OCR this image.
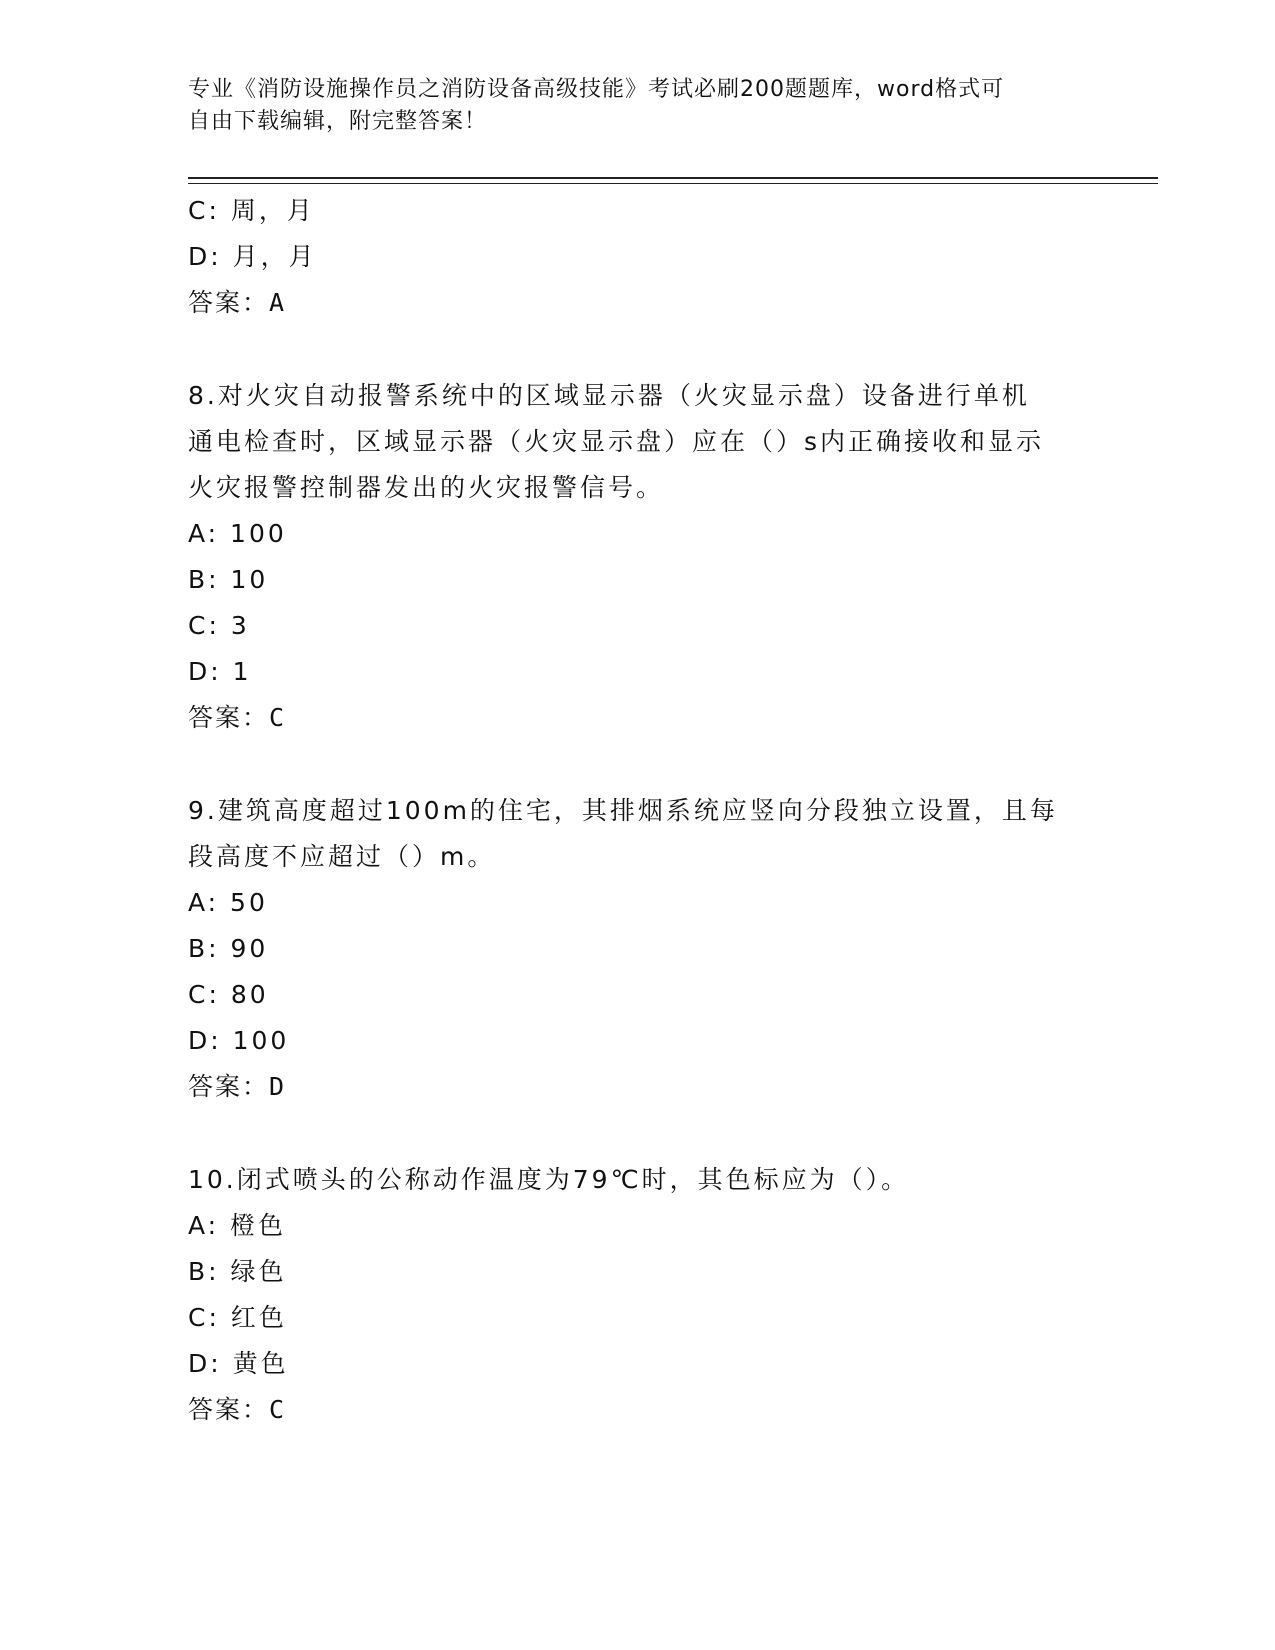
专业《消防设施操作员之消防设备高级技能》考试必刷200题题库，word格式可
自由下载编辑，附完整答案！
C: 周，月
D: 月，月
答案：A
8.对火灾自动报警系统中的区域显示器（火灾显示盘）设备进行单机
通电检查时，区域显示器（火灾显示盘）应在（）s内正确接收和显示
火灾报警控制器发出的火灾报警信号。
A: 100
B: 10
C: 3
D: 1
答案：C
9.建筑高度超过100m的住宅，其排烟系统应竖向分段独立设置，且每
段高度不应超过（）m。
A: 50
B: 90
C: 80
D: 100
答案：D
10.闭式喷头的公称动作温度为79℃时，其色标应为（）。
A: 橙色
B: 绿色
C: 红色
D: 黄色
答案：C
